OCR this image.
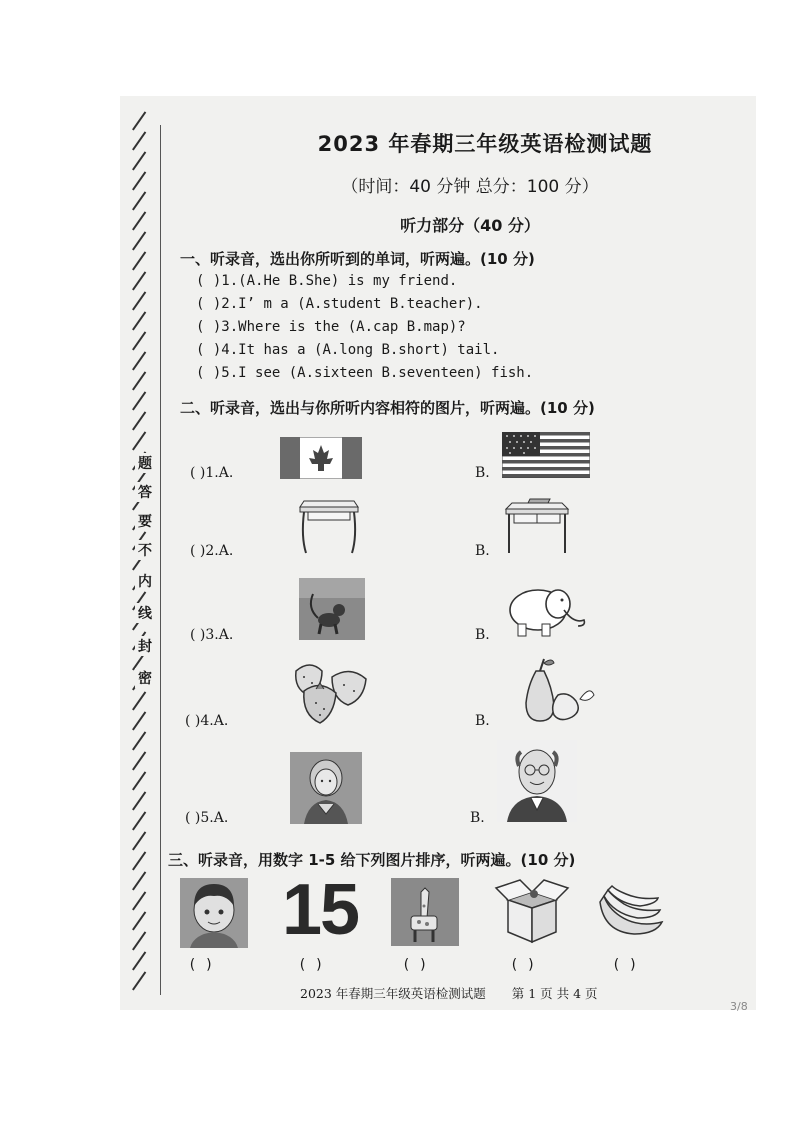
题
答
要
不
内
线
封
密
2023 年春期三年级英语检测试题
（时间：40 分钟 总分：100 分）
听力部分（40 分）
一、听录音，选出你所听到的单词，听两遍。(10 分)
( )1.(A.He B.She) is my friend.
( )2.I’ m a (A.student B.teacher).
( )3.Where is the (A.cap B.map)?
( )4.It has a (A.long B.short) tail.
( )5.I see (A.sixteen B.seventeen) fish.
二、听录音，选出与你所听内容相符的图片，听两遍。(10 分)
( )1.A.	B.
( )2.A.	B.
( )3.A.	B.
( )4.A.	B.
( )5.A.	B.
三、听录音，用数字 1-5 给下列图片排序，听两遍。(10 分)
15
( )	( )	( )	( )	( )
2023 年春期三年级英语检测试题 第 1 页 共 4 页
3/8
